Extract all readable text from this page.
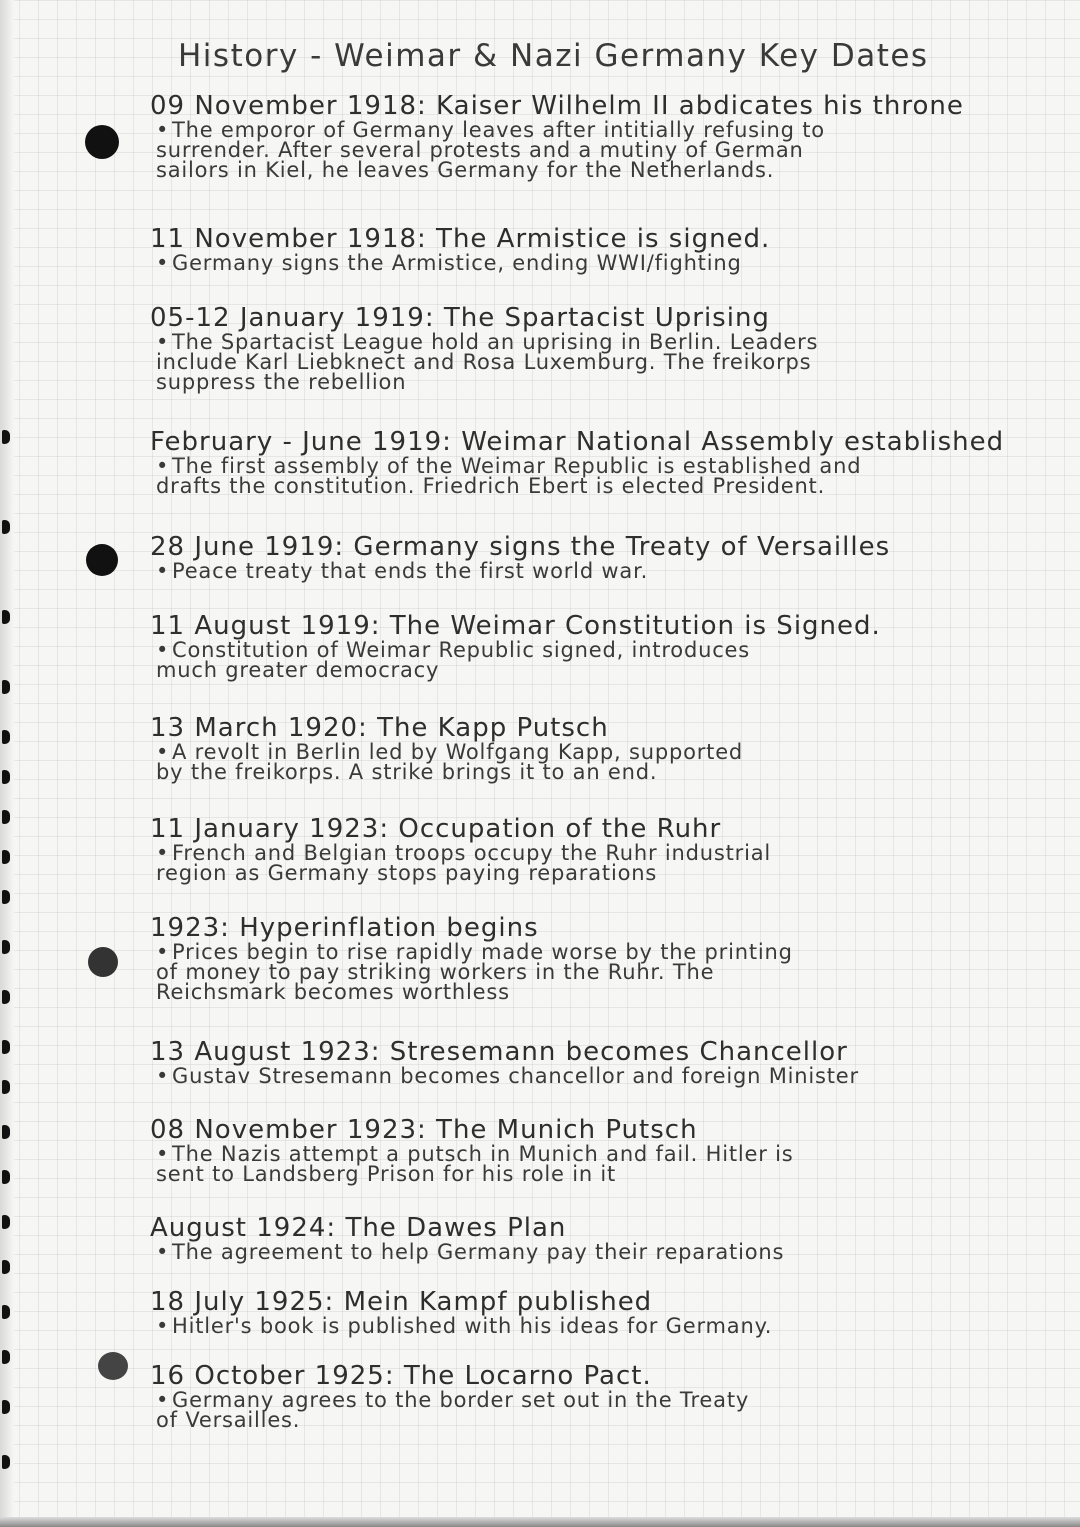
History - Weimar & Nazi Germany Key Dates
09 November 1918: Kaiser Wilhelm II abdicates his throne
• The emporor of Germany leaves after intitially refusing to
surrender. After several protests and a mutiny of German
sailors in Kiel, he leaves Germany for the Netherlands.
11 November 1918: The Armistice is signed.
• Germany signs the Armistice, ending WWI/fighting
05-12 January 1919: The Spartacist Uprising
• The Spartacist League hold an uprising in Berlin. Leaders
include Karl Liebknect and Rosa Luxemburg. The freikorps
suppress the rebellion
February - June 1919: Weimar National Assembly established
• The first assembly of the Weimar Republic is established and
drafts the constitution. Friedrich Ebert is elected President.
28 June 1919: Germany signs the Treaty of Versailles
• Peace treaty that ends the first world war.
11 August 1919: The Weimar Constitution is Signed.
• Constitution of Weimar Republic signed, introduces
much greater democracy
13 March 1920: The Kapp Putsch
• A revolt in Berlin led by Wolfgang Kapp, supported
by the freikorps. A strike brings it to an end.
11 January 1923: Occupation of the Ruhr
• French and Belgian troops occupy the Ruhr industrial
region as Germany stops paying reparations
1923: Hyperinflation begins
• Prices begin to rise rapidly made worse by the printing
of money to pay striking workers in the Ruhr. The
Reichsmark becomes worthless
13 August 1923: Stresemann becomes Chancellor
• Gustav Stresemann becomes chancellor and foreign Minister
08 November 1923: The Munich Putsch
• The Nazis attempt a putsch in Munich and fail. Hitler is
sent to Landsberg Prison for his role in it
August 1924: The Dawes Plan
• The agreement to help Germany pay their reparations
18 July 1925: Mein Kampf published
• Hitler's book is published with his ideas for Germany.
16 October 1925: The Locarno Pact.
• Germany agrees to the border set out in the Treaty
of Versailles.
